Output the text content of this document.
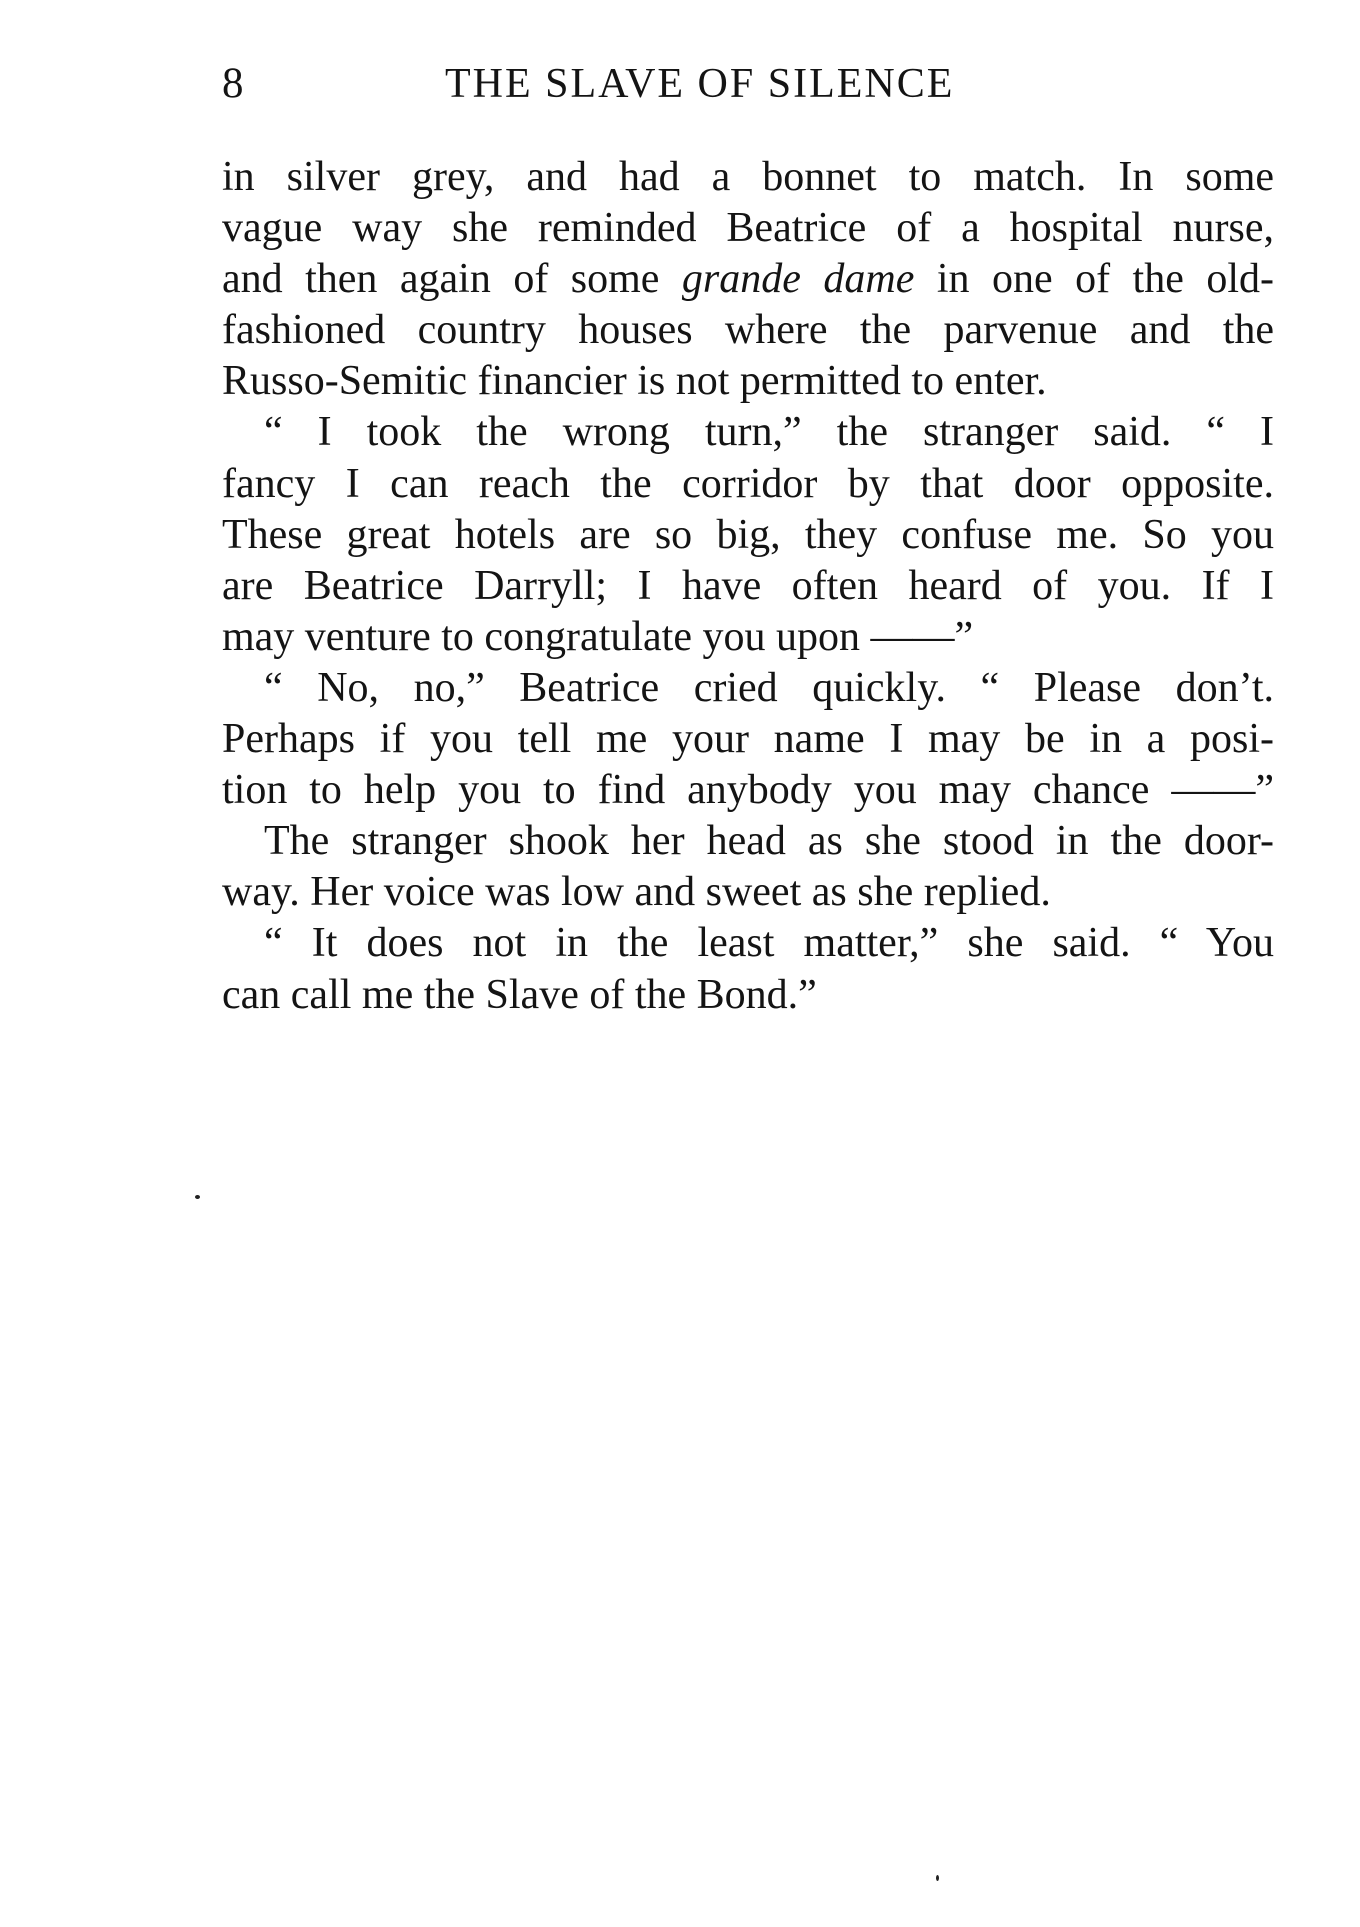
8	THE SLAVE OF SILENCE
in silver grey, and had a bonnet to match. In some
vague way she reminded Beatrice of a hospital nurse,
and then again of some grande dame in one of the old-
fashioned country houses where the parvenue and the
Russo-Semitic financier is not permitted to enter.
“ I took the wrong turn,” the stranger said. “ I
fancy I can reach the corridor by that door opposite.
These great hotels are so big, they confuse me. So you
are Beatrice Darryll; I have often heard of you. If I
may venture to congratulate you upon ——”
“ No, no,” Beatrice cried quickly. “ Please don’t.
Perhaps if you tell me your name I may be in a posi-
tion to help you to find anybody you may chance ——”
The stranger shook her head as she stood in the door-
way. Her voice was low and sweet as she replied.
“ It does not in the least matter,” she said. “ You
can call me the Slave of the Bond.”
